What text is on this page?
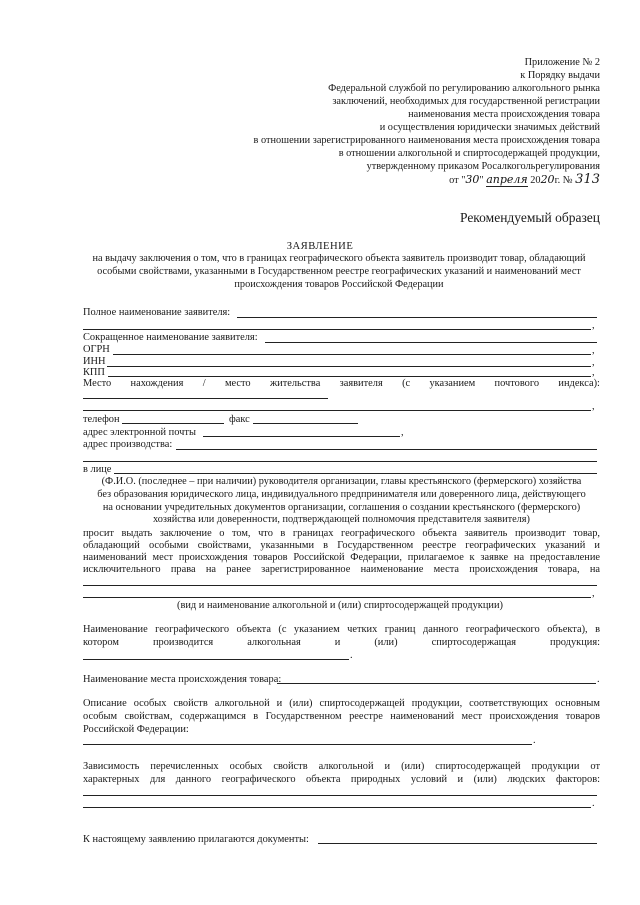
Приложение № 2
к Порядку выдачи
Федеральной службой по регулированию алкогольного рынка
заключений, необходимых для государственной регистрации
наименования места происхождения товара
и осуществления юридически значимых действий
в отношении зарегистрированного наименования места происхождения товара
в отношении алкогольной и спиртосодержащей продукции,
утвержденному приказом Росалкогольрегулирования
от "30" апреля 2020г. № 313
Рекомендуемый образец
ЗАЯВЛЕНИЕ
на выдачу заключения о том, что в границах географического объекта заявитель производит товар, обладающий особыми свойствами, указанными в Государственном реестре географических указаний и наименований мест происхождения товаров Российской Федерации
Полное наименование заявителя:
,
Сокращенное наименование заявителя:
ОГРН	,
ИНН	,
КПП	,
Место нахождения / место жительства заявителя (с указанием почтового индекса):
,
телефон	факс
адрес электронной почты	,
адрес производства:
в лице
(Ф.И.О. (последнее – при наличии) руководителя организации, главы крестьянского (фермерского) хозяйства
без образования юридического лица, индивидуального предпринимателя или доверенного лица, действующего
на основании учредительных документов организации, соглашения о создании крестьянского (фермерского)
хозяйства или доверенности, подтверждающей полномочия представителя заявителя)
просит выдать заключение о том, что в границах географического объекта заявитель производит товар,
обладающий особыми свойствами, указанными в Государственном реестре географических указаний и
наименований мест происхождения товаров Российской Федерации, прилагаемое к заявке на предоставление
исключительного права на ранее зарегистрированное наименование места происхождения товара, на
,
(вид и наименование алкогольной и (или) спиртосодержащей продукции)
Наименование географического объекта (с указанием четких границ данного географического объекта), в
котором производится алкогольная и (или) спиртосодержащая продукция:
.
Наименование места происхождения товара:	.
Описание особых свойств алкогольной и (или) спиртосодержащей продукции, соответствующих основным
особым свойствам, содержащимся в Государственном реестре наименований мест происхождения товаров
Российской Федерации:
.
Зависимость перечисленных особых свойств алкогольной и (или) спиртосодержащей продукции от
характерных для данного географического объекта природных условий и (или) людских факторов:
.
К настоящему заявлению прилагаются документы:
